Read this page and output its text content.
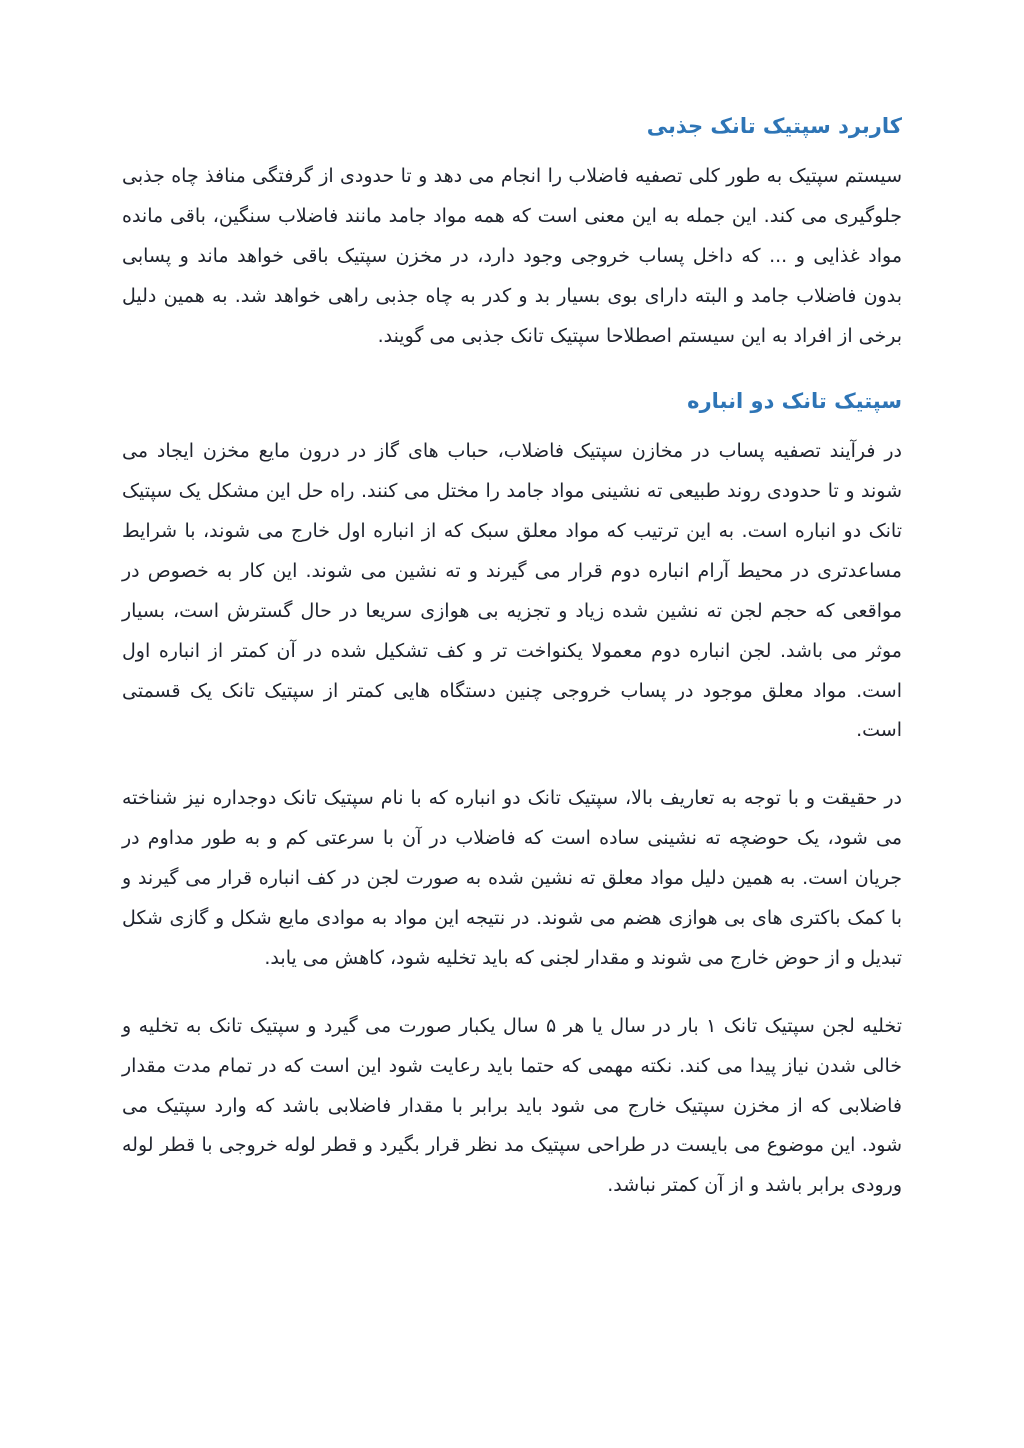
کاربرد سپتیک تانک جذبی

سیستم سپتیک به طور کلی تصفیه فاضلاب را انجام می دهد و تا حدودی از گرفتگی منافذ چاه جذبی جلوگیری می کند. این جمله به این معنی است که همه مواد جامد مانند فاضلاب سنگین، باقی مانده مواد غذایی و ... که داخل پساب خروجی وجود دارد، در مخزن سپتیک باقی خواهد ماند و پسابی بدون فاضلاب جامد و البته دارای بوی بسیار بد و کدر به چاه جذبی راهی خواهد شد. به همین دلیل برخی از افراد به این سیستم اصطلاحا سپتیک تانک جذبی می گویند.

سپتیک تانک دو انباره

در فرآیند تصفیه پساب در مخازن سپتیک فاضلاب، حباب های گاز در درون مایع مخزن ایجاد می شوند و تا حدودی روند طبیعی ته نشینی مواد جامد را مختل می کنند. راه حل این مشکل یک سپتیک تانک دو انباره است. به این ترتیب که مواد معلق سبک که از انباره اول خارج می شوند، با شرایط مساعدتری در محیط آرام انباره دوم قرار می گیرند و ته نشین می شوند. این کار به خصوص در مواقعی که حجم لجن ته نشین شده زیاد و تجزیه بی هوازی سریعا در حال گسترش است، بسیار موثر می باشد. لجن انباره دوم معمولا یکنواخت تر و کف تشکیل شده در آن کمتر از انباره اول است. مواد معلق موجود در پساب خروجی چنین دستگاه هایی کمتر از سپتیک تانک یک قسمتی است.

در حقیقت و با توجه به تعاریف بالا، سپتیک تانک دو انباره که با نام سپتیک تانک دوجداره نیز شناخته می شود، یک حوضچه ته نشینی ساده است که فاضلاب در آن با سرعتی کم و به طور مداوم در جریان است. به همین دلیل مواد معلق ته نشین شده به صورت لجن در کف انباره قرار می گیرند و با کمک باکتری های بی هوازی هضم می شوند. در نتیجه این مواد به موادی مایع شکل و گازی شکل تبدیل و از حوض خارج می شوند و مقدار لجنی که باید تخلیه شود، کاهش می یابد.

تخلیه لجن سپتیک تانک ۱ بار در سال یا هر ۵ سال یکبار صورت می گیرد و سپتیک تانک به تخلیه و خالی شدن نیاز پیدا می کند. نکته مهمی که حتما باید رعایت شود این است که در تمام مدت مقدار فاضلابی که از مخزن سپتیک خارج می شود باید برابر با مقدار فاضلابی باشد که وارد سپتیک می شود. این موضوع می بایست در طراحی سپتیک مد نظر قرار بگیرد و قطر لوله خروجی با قطر لوله ورودی برابر باشد و از آن کمتر نباشد.
